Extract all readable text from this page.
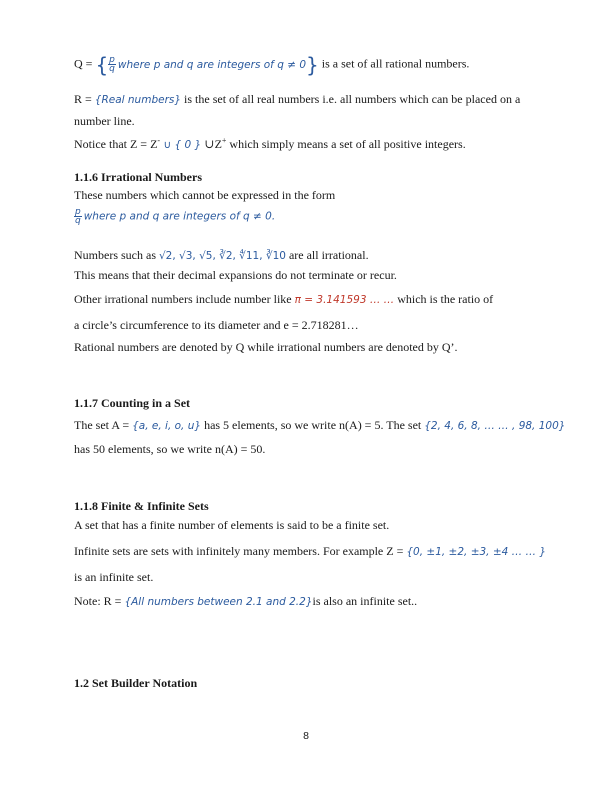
Q = { $\frac{p}{q}$ where p and q are integers of q ≠ 0} is a set of all rational numbers.
R = {Real numbers} is the set of all real numbers i.e. all numbers which can be placed on a
number line.
Notice that Z = Z- ∪ { 0 } ∪Z+ which simply means a set of all positive integers.
1.1.6 Irrational Numbers
These numbers which cannot be expressed in the form
$\frac{p}{q}$ where p and q are integers of q ≠ 0.
Numbers such as √2, √3, √5, ∛2, ∜11, ∛10 are all irrational.
This means that their decimal expansions do not terminate or recur.
Other irrational numbers include number like π = 3.141593 … … which is the ratio of
a circle’s circumference to its diameter and e = 2.718281…
Rational numbers are denoted by Q while irrational numbers are denoted by Q’.
1.1.7 Counting in a Set
The set A = {a, e, i, o, u} has 5 elements, so we write n(A) = 5. The set {2, 4, 6, 8, … … , 98, 100}
has 50 elements, so we write n(A) = 50.
1.1.8 Finite & Infinite Sets
A set that has a finite number of elements is said to be a finite set.
Infinite sets are sets with infinitely many members. For example Z = {0, ±1, ±2, ±3, ±4 … … }
is an infinite set.
Note: R = {All numbers between 2.1 and 2.2}is also an infinite set..
1.2 Set Builder Notation
8
